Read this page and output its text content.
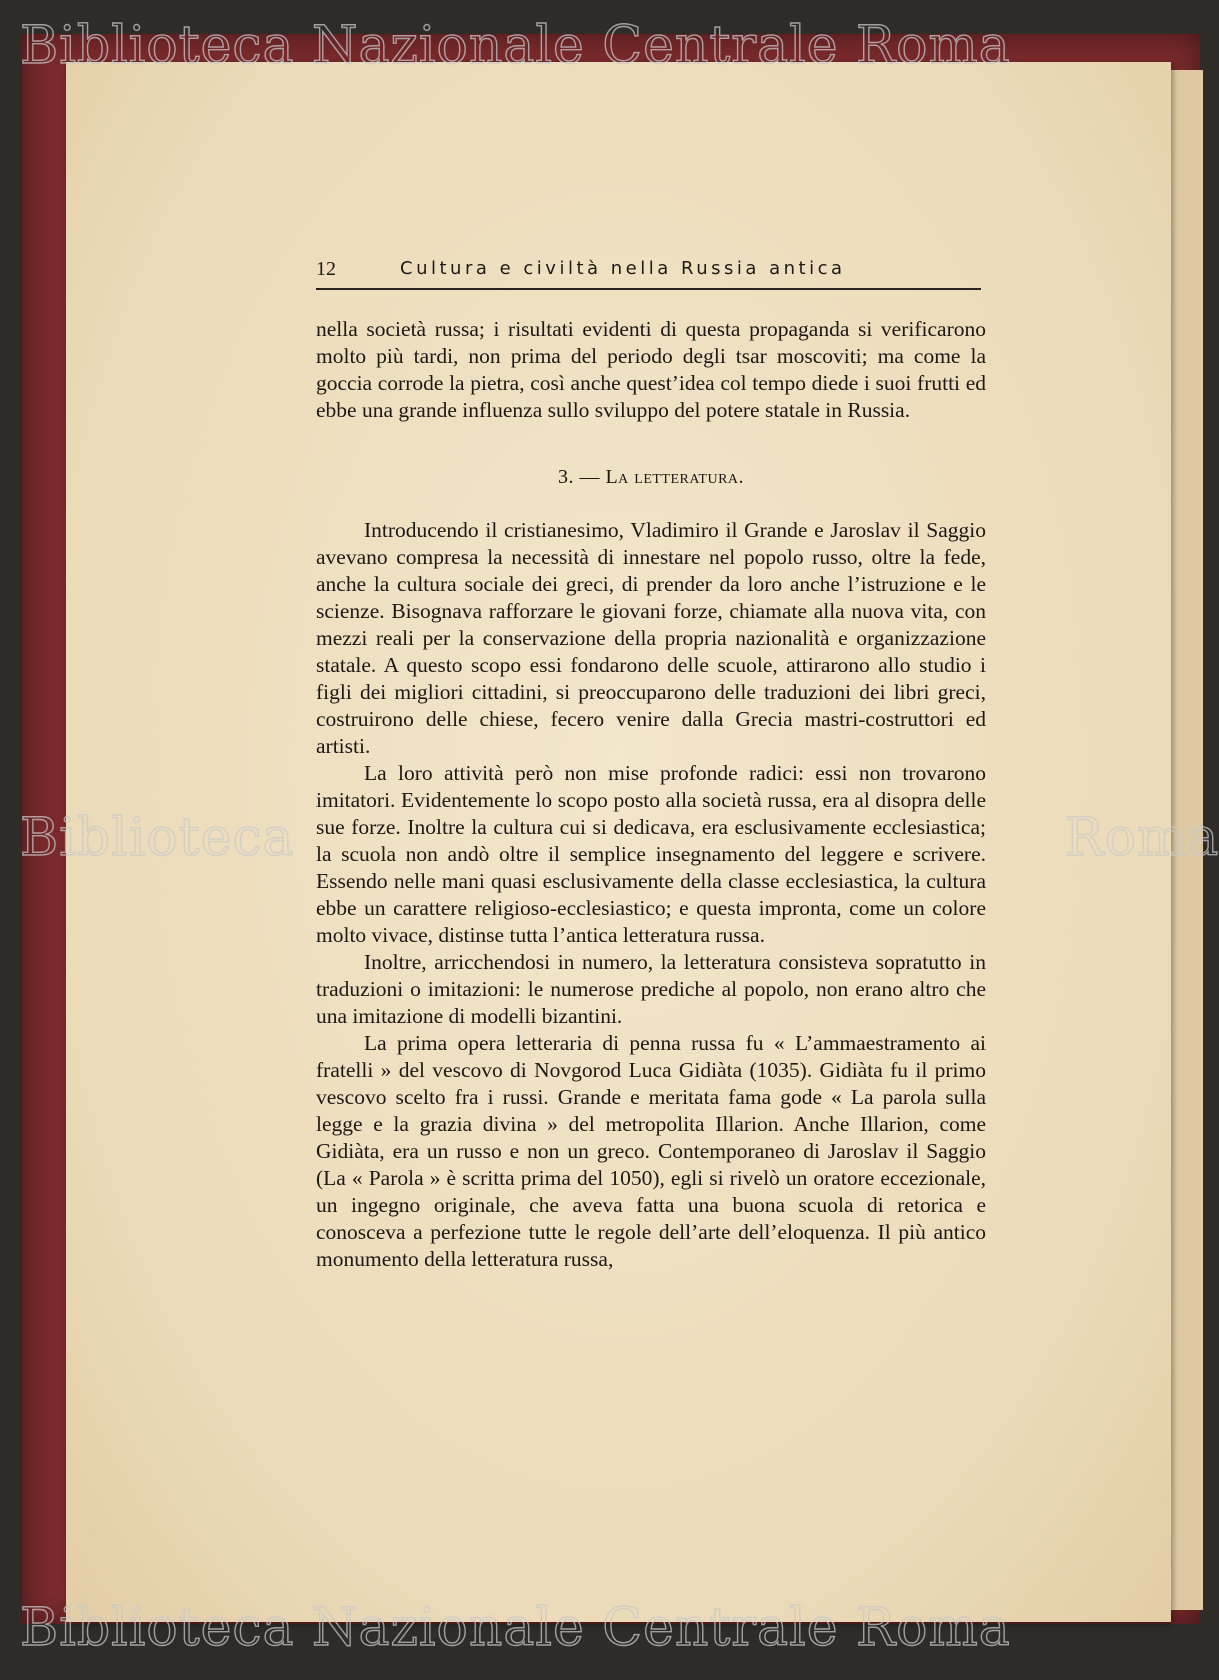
12	Cultura e civiltà nella Russia antica

nella società russa; i risultati evidenti di questa propaganda si verificarono molto più tardi, non prima del periodo degli tsar moscoviti; ma come la goccia corrode la pietra, così anche quest’idea col tempo diede i suoi frutti ed ebbe una grande influenza sullo sviluppo del potere statale in Russia.

3. — La letteratura.

Introducendo il cristianesimo, Vladimiro il Grande e Jaroslav il Saggio avevano compresa la necessità di innestare nel popolo russo, oltre la fede, anche la cultura sociale dei greci, di prender da loro anche l’istruzione e le scienze. Bisognava rafforzare le giovani forze, chiamate alla nuova vita, con mezzi reali per la conservazione della propria nazionalità e organizzazione statale. A questo scopo essi fondarono delle scuole, attirarono allo studio i figli dei migliori cittadini, si preoccuparono delle traduzioni dei libri greci, costruirono delle chiese, fecero venire dalla Grecia mastri-costruttori ed artisti.

La loro attività però non mise profonde radici: essi non trovarono imitatori. Evidentemente lo scopo posto alla società russa, era al disopra delle sue forze. Inoltre la cultura cui si dedicava, era esclusivamente ecclesiastica; la scuola non andò oltre il semplice insegnamento del leggere e scrivere. Essendo nelle mani quasi esclusivamente della classe ecclesiastica, la cultura ebbe un carattere religioso-ecclesiastico; e questa impronta, come un colore molto vivace, distinse tutta l’antica letteratura russa.

Inoltre, arricchendosi in numero, la letteratura consisteva sopratutto in traduzioni o imitazioni: le numerose prediche al popolo, non erano altro che una imitazione di modelli bizantini.

La prima opera letteraria di penna russa fu « L’ammaestramento ai fratelli » del vescovo di Novgorod Luca Gidiàta (1035). Gidiàta fu il primo vescovo scelto fra i russi. Grande e meritata fama gode « La parola sulla legge e la grazia divina » del metropolita Illarion. Anche Illarion, come Gidiàta, era un russo e non un greco. Contemporaneo di Jaroslav il Saggio (La « Parola » è scritta prima del 1050), egli si rivelò un oratore eccezionale, un ingegno originale, che aveva fatta una buona scuola di retorica e conosceva a perfezione tutte le regole dell’arte dell’eloquenza. Il più antico monumento della letteratura russa,

Biblioteca Nazionale Centrale Roma
